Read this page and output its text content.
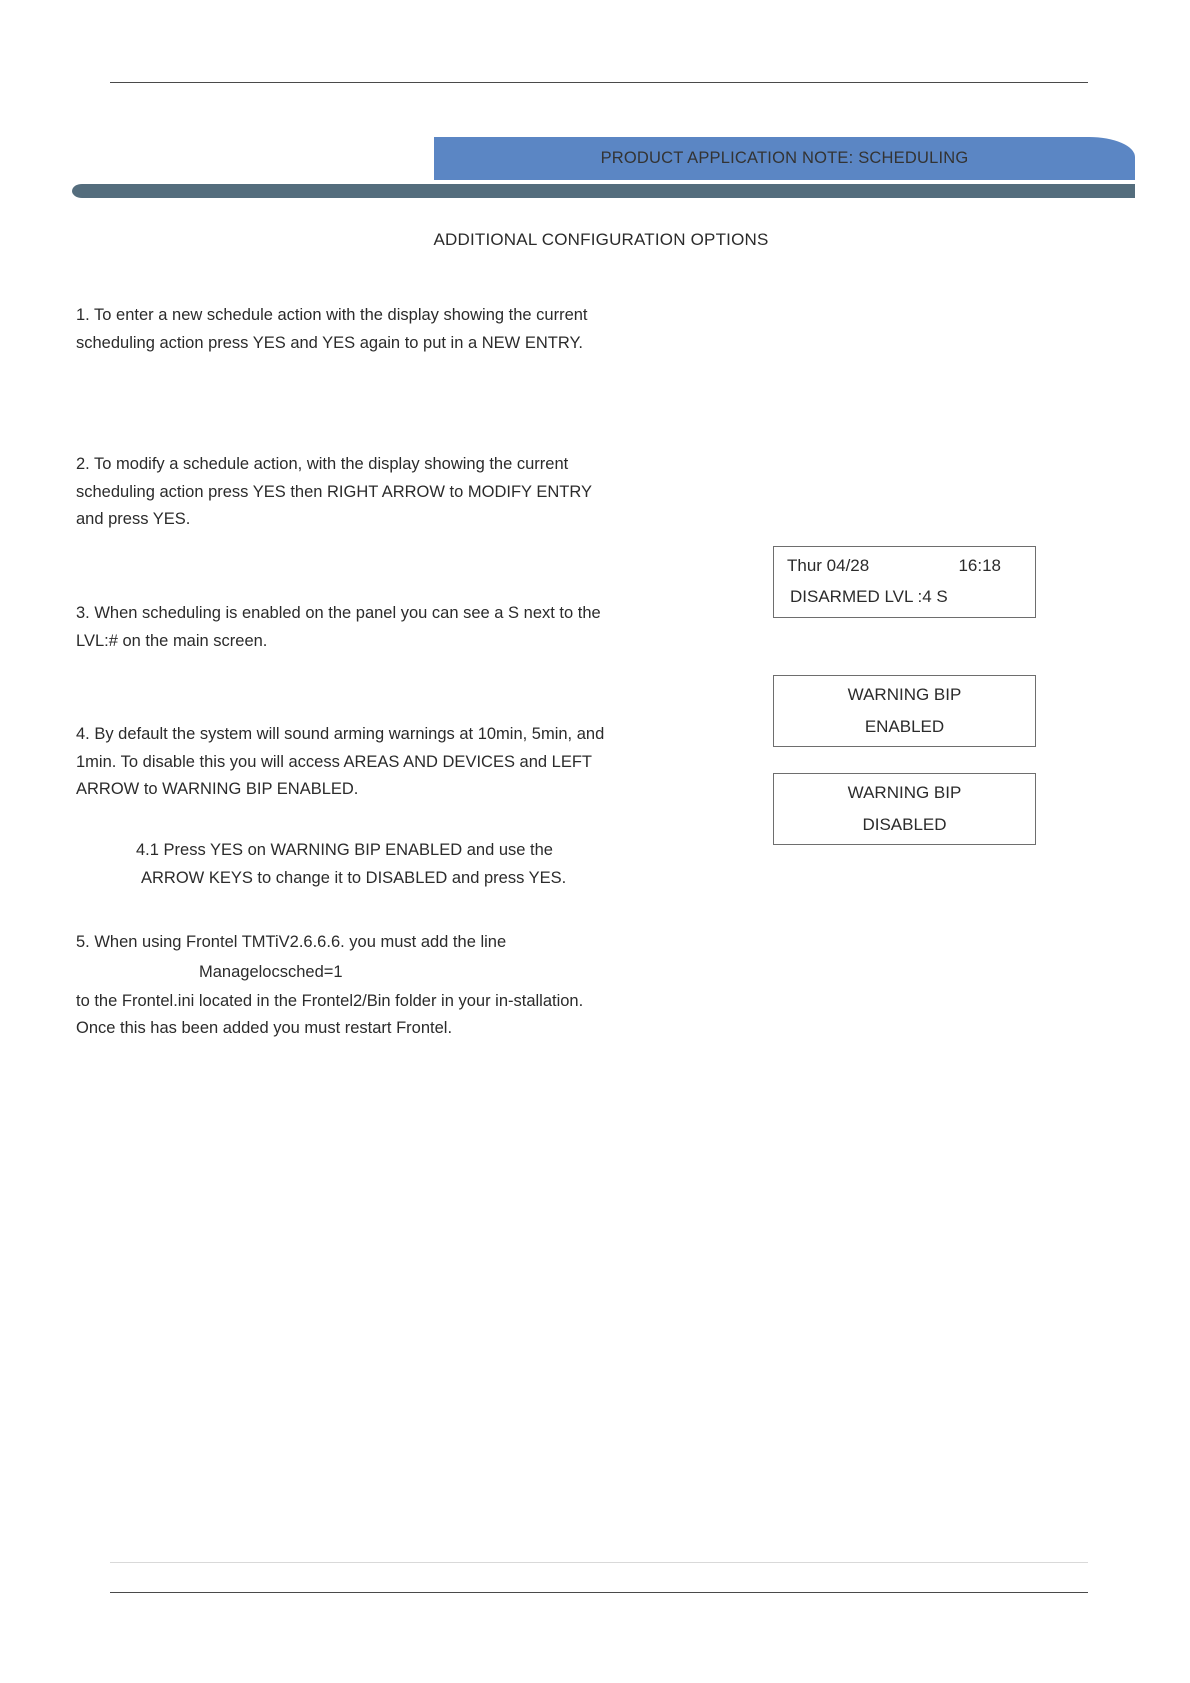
PRODUCT APPLICATION NOTE: SCHEDULING
ADDITIONAL CONFIGURATION OPTIONS

1. To enter a new schedule action with the display showing the current scheduling action press YES and YES again to put in a NEW ENTRY.

2. To modify a schedule action, with the display showing the current scheduling action press YES then RIGHT ARROW to MODIFY ENTRY and press YES.

3. When scheduling is enabled on the panel you can see a S next to the LVL:# on the main screen.

4. By default the system will sound arming warnings at 10min, 5min, and 1min. To disable this you will access AREAS AND DEVICES and LEFT ARROW to WARNING BIP ENABLED.

4.1 Press YES on WARNING BIP ENABLED and use the

ARROW KEYS to change it to DISABLED and press YES.

5. When using Frontel TMTiV2.6.6.6. you must add the line
Managelocsched=1
to the Frontel.ini located in the Frontel2/Bin folder in your in-stallation. Once this has been added you must restart Frontel.

Thur 04/28	16:18
DISARMED LVL :4 S
WARNING BIP
ENABLED
WARNING BIP
DISABLED
